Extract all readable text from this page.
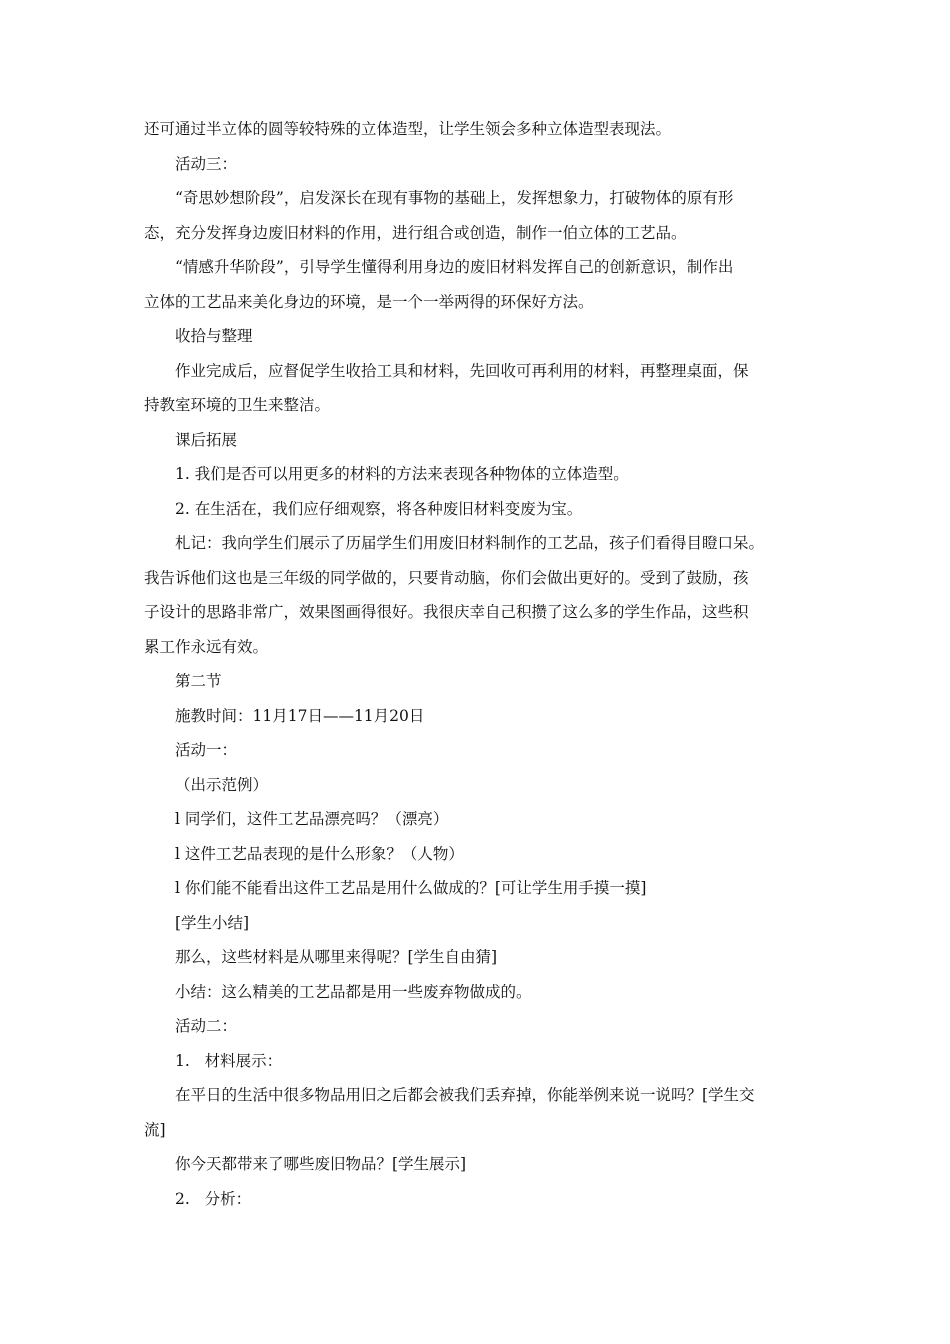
还可通过半立体的圆等较特殊的立体造型，让学生领会多种立体造型表现法。

活动三：

“奇思妙想阶段”，启发深长在现有事物的基础上，发挥想象力，打破物体的原有形
态，充分发挥身边废旧材料的作用，进行组合或创造，制作一伯立体的工艺品。

“情感升华阶段”，引导学生懂得利用身边的废旧材料发挥自己的创新意识，制作出
立体的工艺品来美化身边的环境，是一个一举两得的环保好方法。

收拾与整理

作业完成后，应督促学生收拾工具和材料，先回收可再利用的材料，再整理桌面，保
持教室环境的卫生来整洁。

课后拓展

1. 我们是否可以用更多的材料的方法来表现各种物体的立体造型。

2. 在生活在，我们应仔细观察，将各种废旧材料变废为宝。

札记：我向学生们展示了历届学生们用废旧材料制作的工艺品，孩子们看得目瞪口呆。
我告诉他们这也是三年级的同学做的，只要肯动脑，你们会做出更好的。受到了鼓励，孩
子设计的思路非常广，效果图画得很好。我很庆幸自己积攒了这么多的学生作品，这些积
累工作永远有效。

第二节

施教时间：11月17日——11月20日

活动一：

（出示范例）

l 同学们，这件工艺品漂亮吗？（漂亮）

l 这件工艺品表现的是什么形象？（人物）

l 你们能不能看出这件工艺品是用什么做成的？[可让学生用手摸一摸]

[学生小结]

那么，这些材料是从哪里来得呢？[学生自由猜]

小结：这么精美的工艺品都是用一些废弃物做成的。

活动二：

1.   材料展示：

在平日的生活中很多物品用旧之后都会被我们丢弃掉，你能举例来说一说吗？[学生交
流]

你今天都带来了哪些废旧物品？[学生展示]

2.   分析：
